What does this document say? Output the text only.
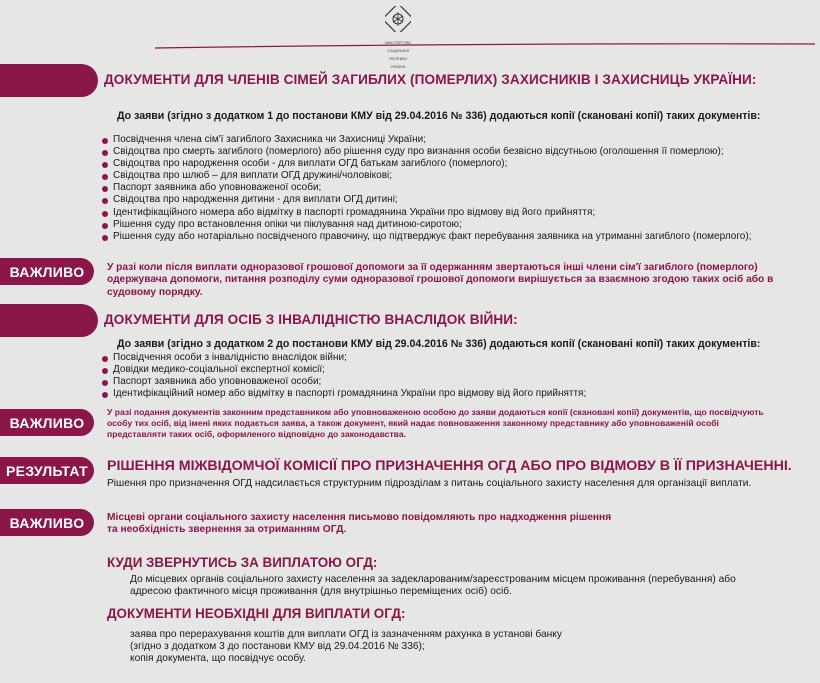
МІНІСТЕРСТВО

СОЦІАЛЬНОЇ

ПОЛІТИКИ

УКРАЇНИ

ДОКУМЕНТИ ДЛЯ ЧЛЕНІВ СІМЕЙ ЗАГИБЛИХ (ПОМЕРЛИХ) ЗАХИСНИКІВ І ЗАХИСНИЦЬ УКРАЇНИ:
До заяви (згідно з додатком 1 до постанови КМУ від 29.04.2016 № 336) додаються копії (скановані копії) таких документів:
Посвідчення члена сім'ї загиблого Захисника чи Захисниці України;
Свідоцтва про смерть загиблого (померлого) або рішення суду про визнання особи безвісно відсутньою (оголошення її померлою);
Свідоцтва про народження особи - для виплати ОГД батькам загиблого (померлого);
Свідоцтва про шлюб – для виплати ОГД дружині/чоловікові;
Паспорт заявника або уповноваженої особи;
Свідоцтва про народження дитини - для виплати ОГД дитині;
Ідентифікаційного номера або відмітку в паспорті громадянина України про відмову від його прийняття;
Рішення суду про встановлення опіки чи піклування над дитиною-сиротою;
Рішення суду або нотаріально посвідченого правочину, що підтверджує факт перебування заявника на утриманні загиблого (померлого);
ВАЖЛИВО	У разі коли після виплати одноразової грошової допомоги за її одержанням звертаються інші члени сім'ї загиблого (померлого)
одержувача допомоги, питання розподілу суми одноразової грошової допомоги вирішується за взаємною згодою таких осіб або в
судовому порядку.
ДОКУМЕНТИ ДЛЯ ОСІБ З ІНВАЛІДНІСТЮ ВНАСЛІДОК ВІЙНИ:
До заяви (згідно з додатком 2 до постанови КМУ від 29.04.2016 № 336) додаються копії (скановані копії) таких документів:
Посвідчення особи з інвалідністю внаслідок війни;
Довідки медико-соціальної експертної комісії;
Паспорт заявника або уповноваженої особи;
Ідентифікаційний номер або відмітку в паспорті громадянина України про відмову від його прийняття;
ВАЖЛИВО
У разі подання документів законним представником або уповноваженою особою до заяви додаються копії (скановані копії) документів, що посвідчують
особу тих осіб, від імені яких подається заява, а також документ, який надає повноваження законному представнику або уповноваженій особі
представляти таких осіб, оформленого відповідно до законодавства.
РЕЗУЛЬТАТ	РІШЕННЯ МІЖВІДОМЧОЇ КОМІСІЇ ПРО ПРИЗНАЧЕННЯ ОГД АБО ПРО ВІДМОВУ В ЇЇ ПРИЗНАЧЕННІ.
Рішення про призначення ОГД надсилається структурним підрозділам з питань соціального захисту населення для організації виплати.
ВАЖЛИВО	Місцеві органи соціального захисту населення письмово повідомляють про надходження рішення
та необхідність звернення за отриманням ОГД.
КУДИ ЗВЕРНУТИСЬ ЗА ВИПЛАТОЮ ОГД:

До місцевих органів соціального захисту населення за задекларованим/зареєстрованим місцем проживання (перебування) або

адресою фактичного місця проживання (для внутрішньо переміщених осіб) осіб.

ДОКУМЕНТИ НЕОБХІДНІ ДЛЯ ВИПЛАТИ ОГД:

заява про перерахування коштів для виплати ОГД із зазначенням рахунка в установі банку

(згідно з додатком 3 до постанови КМУ від 29.04.2016 № 336);

копія документа, що посвідчує особу.
